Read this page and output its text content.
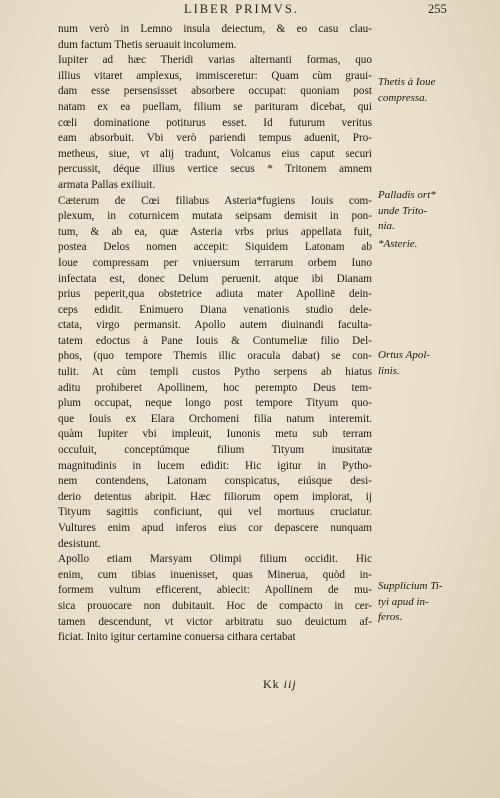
LIBER PRIMVS.	255
num verò in Lemno insula deiectum, & eo casu clau-
dum factum Thetis seruauit incolumem.
Iupiter ad hæc Theridi varias alternanti formas, quo
illius vitaret amplexus, immisceretur: Quam cùm graui-
dam esse persensisset absorbere occupat: quoniam post
natam ex ea puellam, filium se parituram dicebat, qui
cœli dominatione potiturus esset. Id futurum veritus
eam absorbuit. Vbi verò pariendi tempus aduenit, Pro-
metheus, siue, vt alij tradunt, Volcanus eius caput securi
percussit, déque illius vertice secus * Tritonem amnem
armata Pallas exiliuit.
Cæterum de Cœi filiabus Asteria*fugiens Iouis com-
plexum, in coturnicem mutata seipsam demisit in pon-
tum, & ab ea, quæ Asteria vrbs prius appellata fuit,
postea Delos nomen accepit: Siquidem Latonam ab
Ioue compressam per vniuersum terrarum orbem Iuno
infectata est, donec Delum peruenit. atque ibi Dianam
prius peperit,qua obstetrice adiuta mater Apollinē dein-
ceps edidit. Enimuero Diana venationis studio dele-
ctata, virgo permansit. Apollo autem diuinandi faculta-
tatem edoctus à Pane Iouis & Contumeliæ filio Del-
phos, (quo tempore Themis illic oracula dabat) se con-
tulit. At cùm templi custos Pytho serpens ab hiatus
aditu prohiberet Apollinem, hoc perempto Deus tem-
plum occupat, neque longo post tempore Tityum quo-
que Iouis ex Elara Orchomeni filia natum interemit.
quàm Iupiter vbi impleuit, Iunonis metu sub terram
occuluit, conceptúmque filium Tityum inusitatæ
magnitudinis in lucem edidit: Hic igitur in Pytho-
nem contendens, Latonam conspicatus, eiúsque desi-
derio detentus abripit. Hæc filiorum opem implorat, ij
Tityum sagittis conficiunt, qui vel mortuus cruciatur.
Vultures enim apud inferos eius cor depascere nunquam
desistunt.
Apollo etiam Marsyam Olimpi filium occidit. Hic
enim, cum tibias inuenisset, quas Minerua, quòd in-
formem vultum efficerent, abiecit: Apollinem de mu-
sica prouocare non dubitauit. Hoc de compacto in cer-
tamen descendunt, vt victor arbitratu suo deuictum af-
ficiat. Inito igitur certamine conuersa cithara certabat
Thetis à Ioue
compressa.
Palladis ort*
unde Trito-
nia.
*Asterie.
Ortus Apol-
linis.
Supplicium Ti-
tyi apud in-
feros.
Kk iij
